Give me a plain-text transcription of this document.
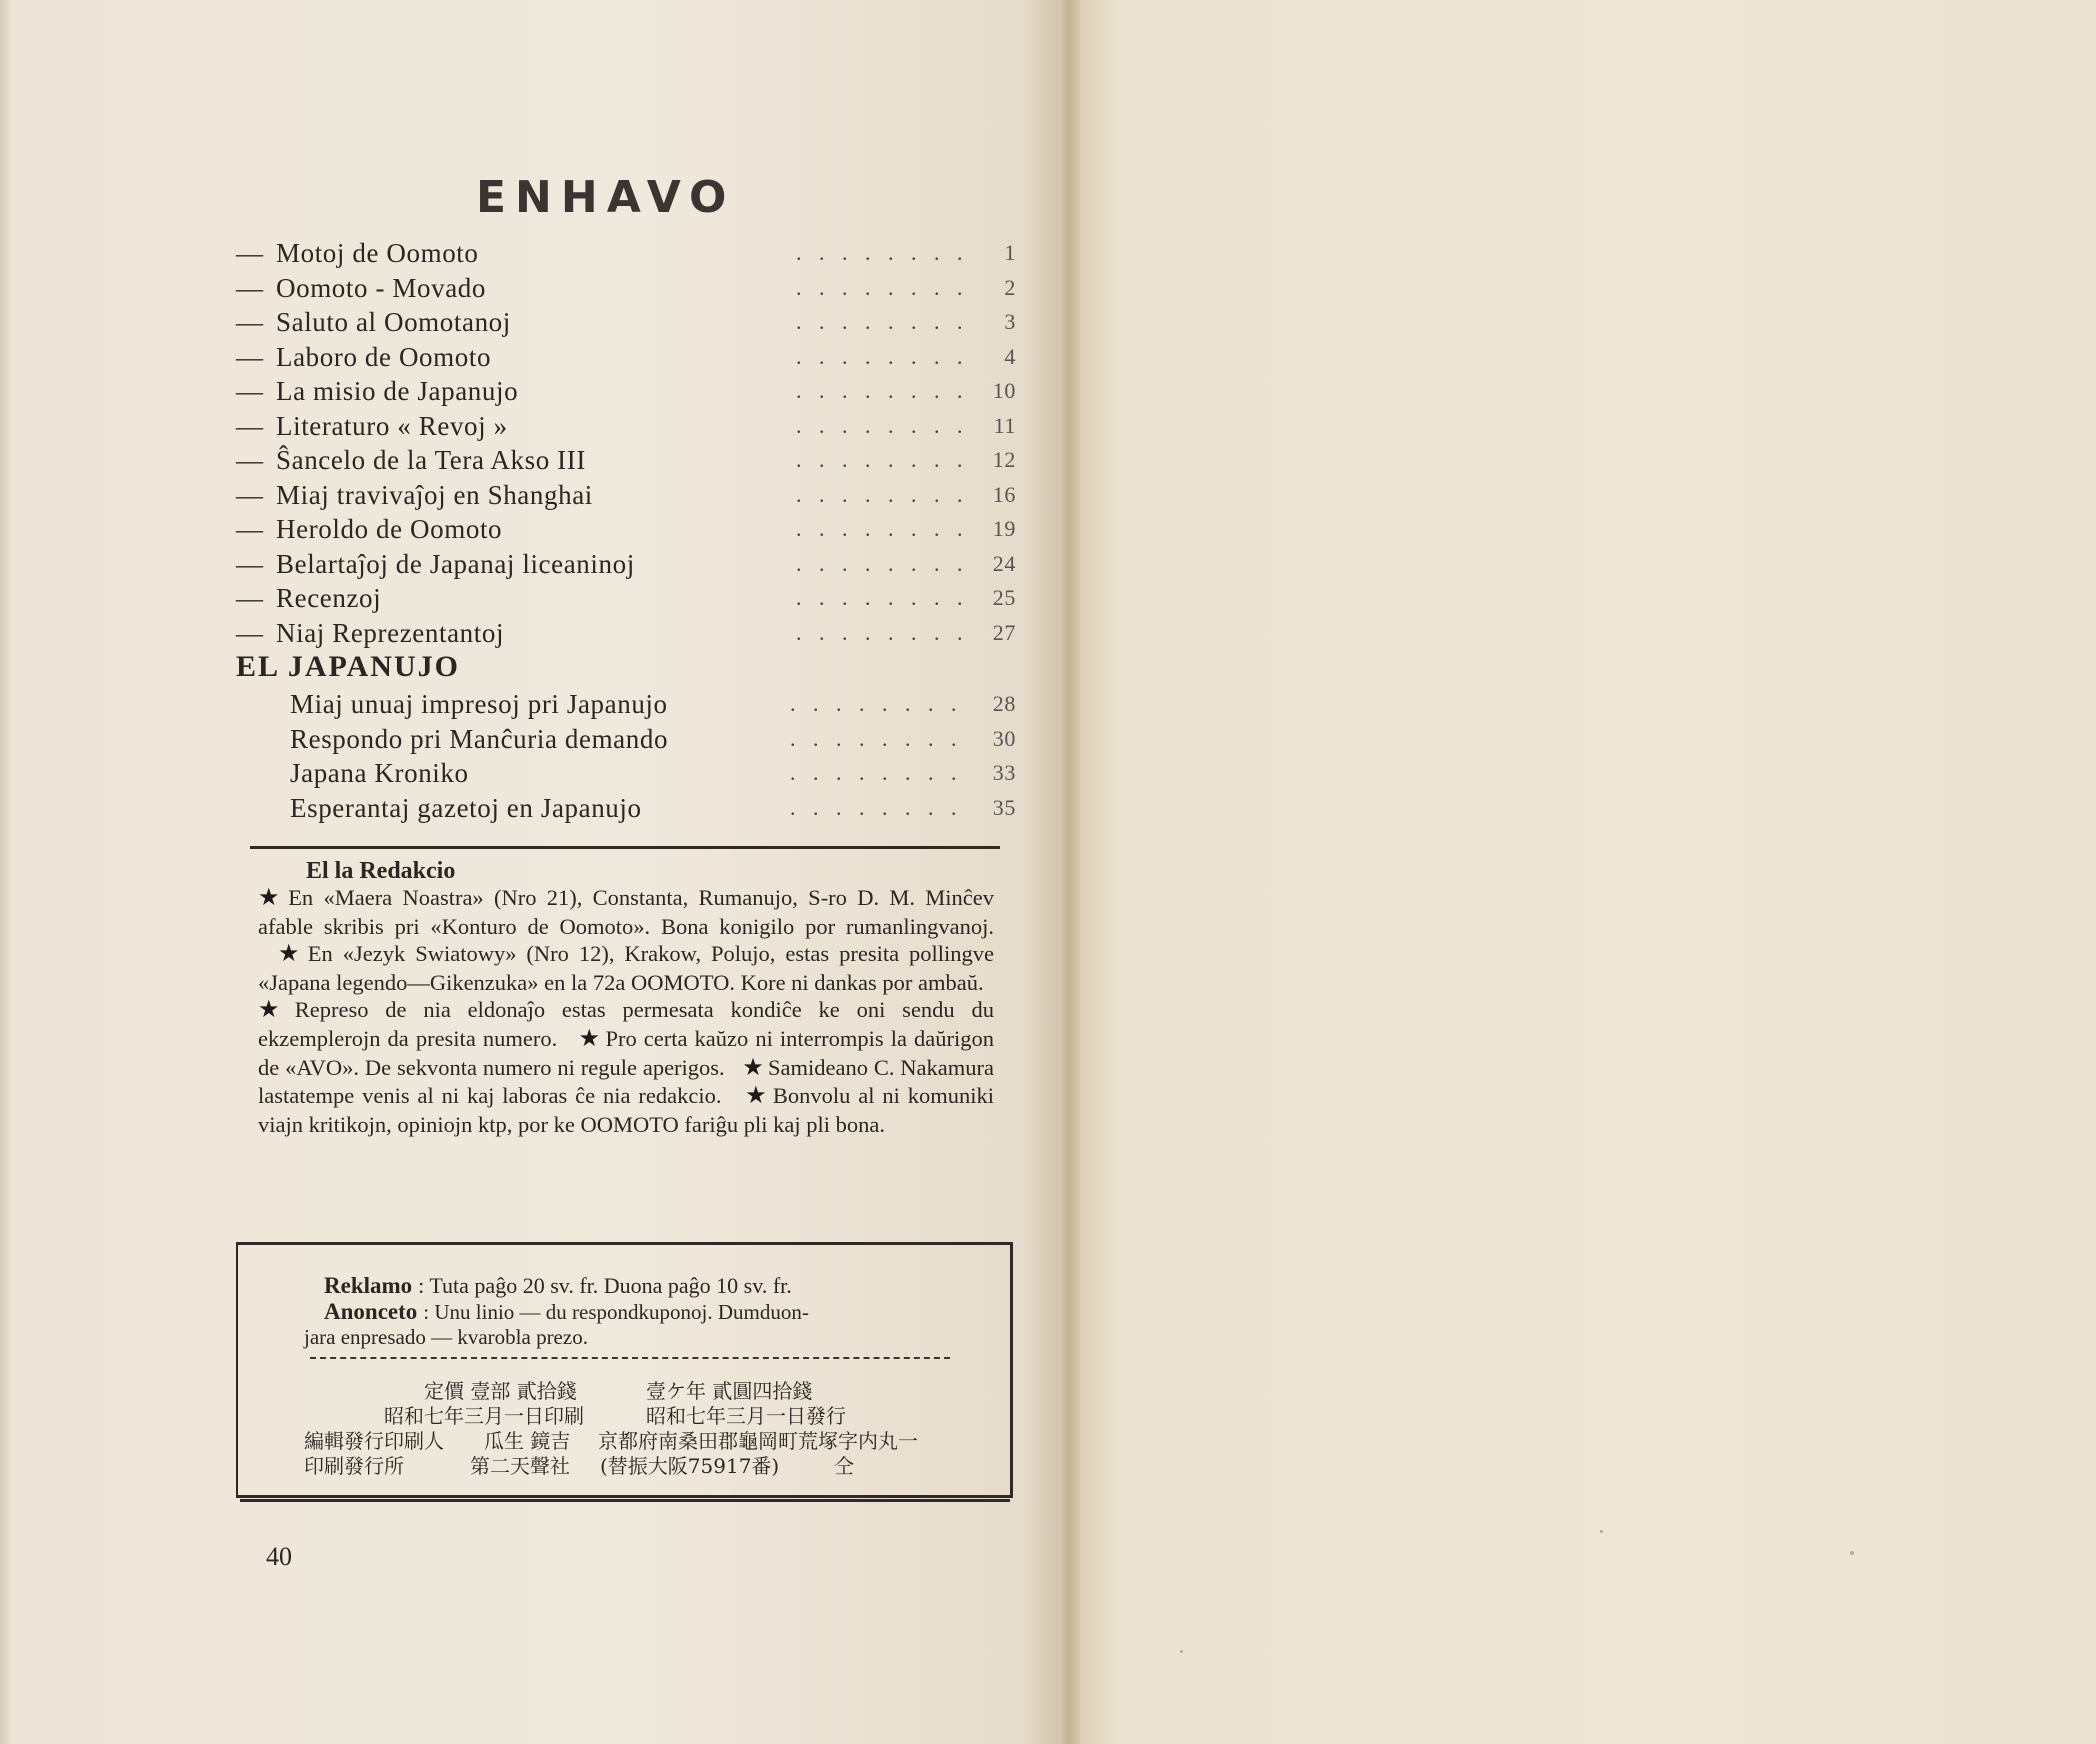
ENHAVO
— Motoj de Oomoto	. . . . . . . .	1
— Oomoto - Movado	. . . . . . . .	2
— Saluto al Oomotanoj	. . . . . . . .	3
— Laboro de Oomoto	. . . . . . . .	4
— La misio de Japanujo	. . . . . . . .	10
— Literaturo « Revoj »	. . . . . . . .	11
— Ŝancelo de la Tera Akso III	. . . . . . . .	12
— Miaj travivaĵoj en Shanghai	. . . . . . . .	16
— Heroldo de Oomoto	. . . . . . . .	19
— Belartaĵoj de Japanaj liceaninoj	. . . . . . . .	24
— Recenzoj	. . . . . . . .	25
— Niaj Reprezentantoj	. . . . . . . .	27
EL JAPANUJO
Miaj unuaj impresoj pri Japanujo	. . . . . . . .	28
Respondo pri Manĉuria demando	. . . . . . . .	30
Japana Kroniko	. . . . . . . .	33
Esperantaj gazetoj en Japanujo	. . . . . . . .	35
El la Redakcio
★ En «Maera Noastra» (Nro 21), Constanta, Rumanujo, S-ro D. M. Minĉev afable skribis pri «Konturo de Oomoto». Bona konigilo por rumanlingvanoj.   ★ En «Jezyk Swiatowy» (Nro 12), Krakow, Polujo, estas presita pollingve «Japana legendo—Gikenzuka» en la 72a OOMOTO. Kore ni dankas por ambaŭ.
★ Represo de nia eldonaĵo estas permesata kondiĉe ke oni sendu du ekzemplerojn da presita numero. ★ Pro certa kaŭzo ni interrompis la daŭrigon de «AVO». De sekvonta numero ni regule aperigos. ★ Samideano C. Nakamura lastatempe venis al ni kaj laboras ĉe nia redakcio. ★ Bonvolu al ni komuniki viajn kritikojn, opiniojn ktp, por ke OOMOTO fariĝu pli kaj pli bona.
Reklamo : Tuta paĝo 20 sv. fr. Duona paĝo 10 sv. fr.
Anonceto : Unu linio — du respondkuponoj. Dumduon-
jara enpresado — kvarobla prezo.
定價 壹部 貳拾錢	壹ケ年 貳圓四拾錢
昭和七年三月一日印刷	昭和七年三月一日發行
編輯發行印刷人 瓜生 鏡吉 京都府南桑田郡龜岡町荒塚字内丸一
印刷發行所	第二天聲社 (替振大阪75917番)	仝
40
